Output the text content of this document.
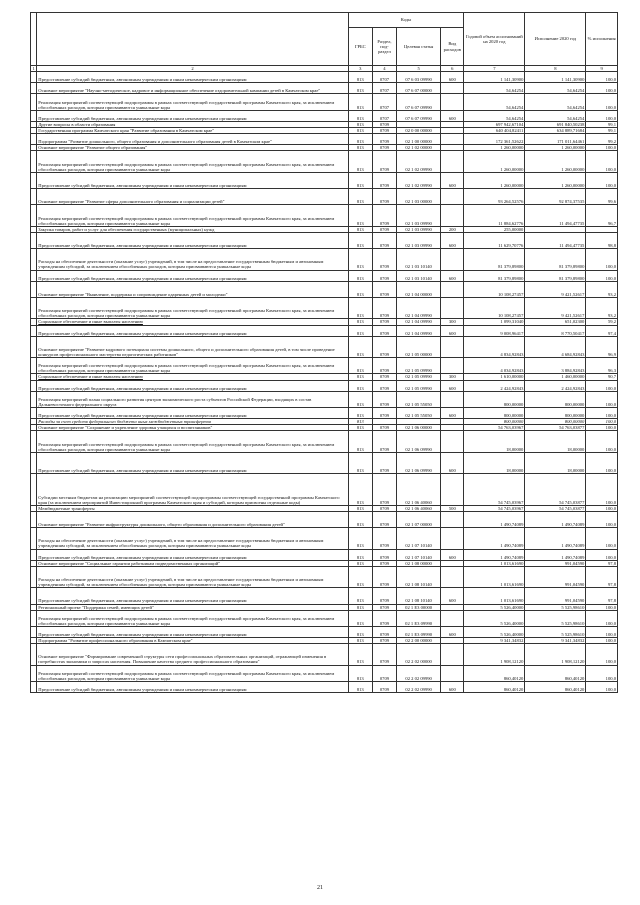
		Коды				Годовой объем ассигнований на 2020 год	Исполнение 2020 год	% исполнения
		ГРБС	Раздел, под-раздел	Целевая статья	Вид расходов			
1	2	3	4	5	6	7	8	9
	Предоставление субсидий бюджетным, автономным учреждениям и иным некоммерческим организациям	813	0707	07 6 03 09990	600	1 141,30900	1 141,30900	100,0
	Основное мероприятие "Научно-методическое, кадровое и информационное обеспечение оздоровительной кампании детей в Камчатском крае"	813	0707	07 6 07 00000		54,64254	54,64254	100,0
	Реализация мероприятий соответствующей подпрограммы в рамках соответствующей государственной программы Камчатского края, за исключением обособленных расходов, которым присваиваются уникальные коды	813	0707	07 6 07 09990		54,64254	54,64254	100,0
	Предоставление субсидий бюджетным, автономным учреждениям и иным некоммерческим организациям	813	0707	07 6 07 09990	600	54,64254	54,64254	100,0
	Другие вопросы в области образования	813	0709			697 942,67104	691 840,50238	99,1
	Государственная программа Камчатского края "Развитие образования в Камчатском крае"	813	0709	02 0 00 00000		640 404,82411	634 889,71684	99,1
	Подпрограмма "Развитие дошкольного, общего образования и дополнительного образования детей в Камчатском крае"	813	0709	02 1 00 00000		172 361,52622	171 011,64461	99,2
	Основное мероприятие "Развитие общего образования"	813	0709	02 1 02 00000		1 260,00000	1 260,00000	100,0
	Реализация мероприятий соответствующей подпрограммы в рамках соответствующей государственной программы Камчатского края, за исключением обособленных расходов, которым присваиваются уникальные коды	813	0709	02 1 02 09990		1 260,00000	1 260,00000	100,0
	Предоставление субсидий бюджетным, автономным учреждениям и иным некоммерческим организациям	813	0709	02 1 02 09990	600	1 260,00000	1 260,00000	100,0
	Основное мероприятие "Развитие сферы дополнительного образования и социализации детей"	813	0709	02 1 03 00000		93 264,52576	92 874,37535	99,6
	Реализация мероприятий соответствующей подпрограммы в рамках соответствующей государственной программы Камчатского края, за исключением обособленных расходов, которым присваиваются уникальные коды	813	0709	02 1 03 09990		11 884,62776	11 494,47735	96,7
	Закупка товаров, работ и услуг для обеспечения государственных (муниципальных) нужд	813	0709	02 1 03 09990	200	255,00000		
	Предоставление субсидий бюджетным, автономным учреждениям и иным некоммерческим организациям	813	0709	02 1 03 09990	600	11 629,70776	11 494,47735	98,8
	Расходы на обеспечение деятельности (оказание услуг) учреждений, в том числе на предоставление государственным бюджетным и автономным учреждениям субсидий, за исключением обособленных расходов, которым присваиваются уникальные коды	813	0709	02 1 03 10140		81 379,89800	81 379,89800	100,0
	Предоставление субсидий бюджетным, автономным учреждениям и иным некоммерческим организациям	813	0709	02 1 03 10140	600	81 379,89800	81 379,89800	100,0
	Основное мероприятие "Выявление, поддержка и сопровождение одаренных детей и молодежи"	813	0709	02 1 04 00000		10 108,27457	9 421,52617	93,2
	Реализация мероприятий соответствующей подпрограммы в рамках соответствующей государственной программы Камчатского края, за исключением обособленных расходов, которым присваиваются уникальные коды	813	0709	02 1 04 09990		10 108,27457	9 421,52617	93,2
	Социальное обеспечение и иные выплаты населению	813	0709	02 1 04 09990	300	1 099,31040	651,02300	59,2
	Предоставление субсидий бюджетным, автономным учреждениям и иным некоммерческим организациям	813	0709	02 1 04 09990	600	9 008,96417	8 770,50417	97,4
	Основное мероприятие "Развитие кадрового потенциала системы дошкольного, общего и дополнительного образования детей, в том числе проведение конкурсов профессионального мастерства педагогических работников"	813	0709	02 1 05 00000		4 834,92843	4 684,92843	96,9
	Реализация мероприятий соответствующей подпрограммы в рамках соответствующей государственной программы Камчатского края, за исключением обособленных расходов, которым присваиваются уникальные коды	813	0709	02 1 05 09990		4 034,92843	3 884,92843	96,3
	Социальное обеспечение и иные выплаты населению	813	0709	02 1 05 09990	300	1 610,00000	1 460,00000	90,7
	Предоставление субсидий бюджетным, автономным учреждениям и иным некоммерческим организациям	813	0709	02 1 05 09990	600	2 424,92843	2 424,92843	100,0
	Реализация мероприятий плана социального развития центров экономического роста субъектов Российской Федерации, входящих в состав Дальневосточного федерального округа	813	0709	02 1 05 55050		800,00000	800,00000	100,0
	Предоставление субсидий бюджетным, автономным учреждениям и иным некоммерческим организациям	813	0709	02 1 05 55050	600	800,00000	800,00000	100,0
	Расходы за счет средств федерального бюджета иных межбюджетных трансфертов	813				800,00000	800,00000	100,0
	Основное мероприятие "Сохранение и укрепление здоровья учащихся и воспитанников"	813	0709	02 1 06 00000		54 763,03967	54 763,03877	100,0
	Реализация мероприятий соответствующей подпрограммы в рамках соответствующей государственной программы Камчатского края, за исключением обособленных расходов, которым присваиваются уникальные коды	813	0709	02 1 06 09990		18,00000	18,00000	100,0
	Предоставление субсидий бюджетным, автономным учреждениям и иным некоммерческим организациям	813	0709	02 1 06 09990	600	18,00000	18,00000	100,0
	Субсидии местным бюджетам на реализацию мероприятий соответствующей подпрограммы соответствующей государственной программы Камчатского края (за исключением мероприятий Инвестиционной программы Камчатского края и субсидий, которым присвоены отдельные коды)	813	0709	02 1 06 40060		54 745,03967	54 745,03877	100,0
	Межбюджетные трансферты	813	0709	02 1 06 40060	500	54 745,03967	54 745,03877	100,0
	Основное мероприятие "Развитие инфраструктуры дошкольного, общего образования и дополнительного образования детей"	813	0709	02 1 07 00000		1 490,74089	1 490,74089	100,0
	Расходы на обеспечение деятельности (оказание услуг) учреждений, в том числе на предоставление государственным бюджетным и автономным учреждениям субсидий, за исключением обособленных расходов, которым присваиваются уникальные коды	813	0709	02 1 07 10140		1 490,74089	1 490,74089	100,0
	Предоставление субсидий бюджетным, автономным учреждениям и иным некоммерческим организациям	813	0709	02 1 07 10140	600	1 490,74089	1 490,74089	100,0
	Основное мероприятие "Социальные гарантии работникам подведомственных организаций"	813	0709	02 1 08 00000		1 013,61690	991,04590	97,8
	Расходы на обеспечение деятельности (оказание услуг) учреждений, в том числе на предоставление государственным бюджетным и автономным учреждениям субсидий, за исключением обособленных расходов, которым присваиваются уникальные коды	813	0709	02 1 08 10140		1 013,61690	991,04590	97,8
	Предоставление субсидий бюджетным, автономным учреждениям и иным некоммерческим организациям	813	0709	02 1 08 10140	600	1 013,61690	991,04590	97,8
	Региональный проект "Поддержка семей, имеющих детей"	813	0709	02 1 E3 00000		5 526,40000	5 525,98610	100,0
	Реализация мероприятий соответствующей подпрограммы в рамках соответствующей государственной программы Камчатского края, за исключением обособленных расходов, которым присваиваются уникальные коды	813	0709	02 1 E3 09990		5 526,40000	5 525,98610	100,0
	Предоставление субсидий бюджетным, автономным учреждениям и иным некоммерческим организациям	813	0709	02 1 E3 09990	600	5 526,40000	5 525,98610	100,0
	Подпрограмма "Развитие профессионального образования в Камчатском крае"	813	0709	02 2 00 00000		9 341,34832	9 341,34832	100,0
	Основное мероприятие "Формирование современной структуры сети профессиональных образовательных организаций, отражающей изменения в потребностях экономики и запросах населения. Повышение качества среднего профессионального образования"	813	0709	02 2 02 00000		1 908,12120	1 908,12120	100,0
	Реализация мероприятий соответствующей подпрограммы в рамках соответствующей государственной программы Камчатского края, за исключением обособленных расходов, которым присваиваются уникальные коды	813	0709	02 2 02 09990		860,40120	860,40120	100,0
	Предоставление субсидий бюджетным, автономным учреждениям и иным некоммерческим организациям	813	0709	02 2 02 09990	600	860,40120	860,40120	100,0
21
